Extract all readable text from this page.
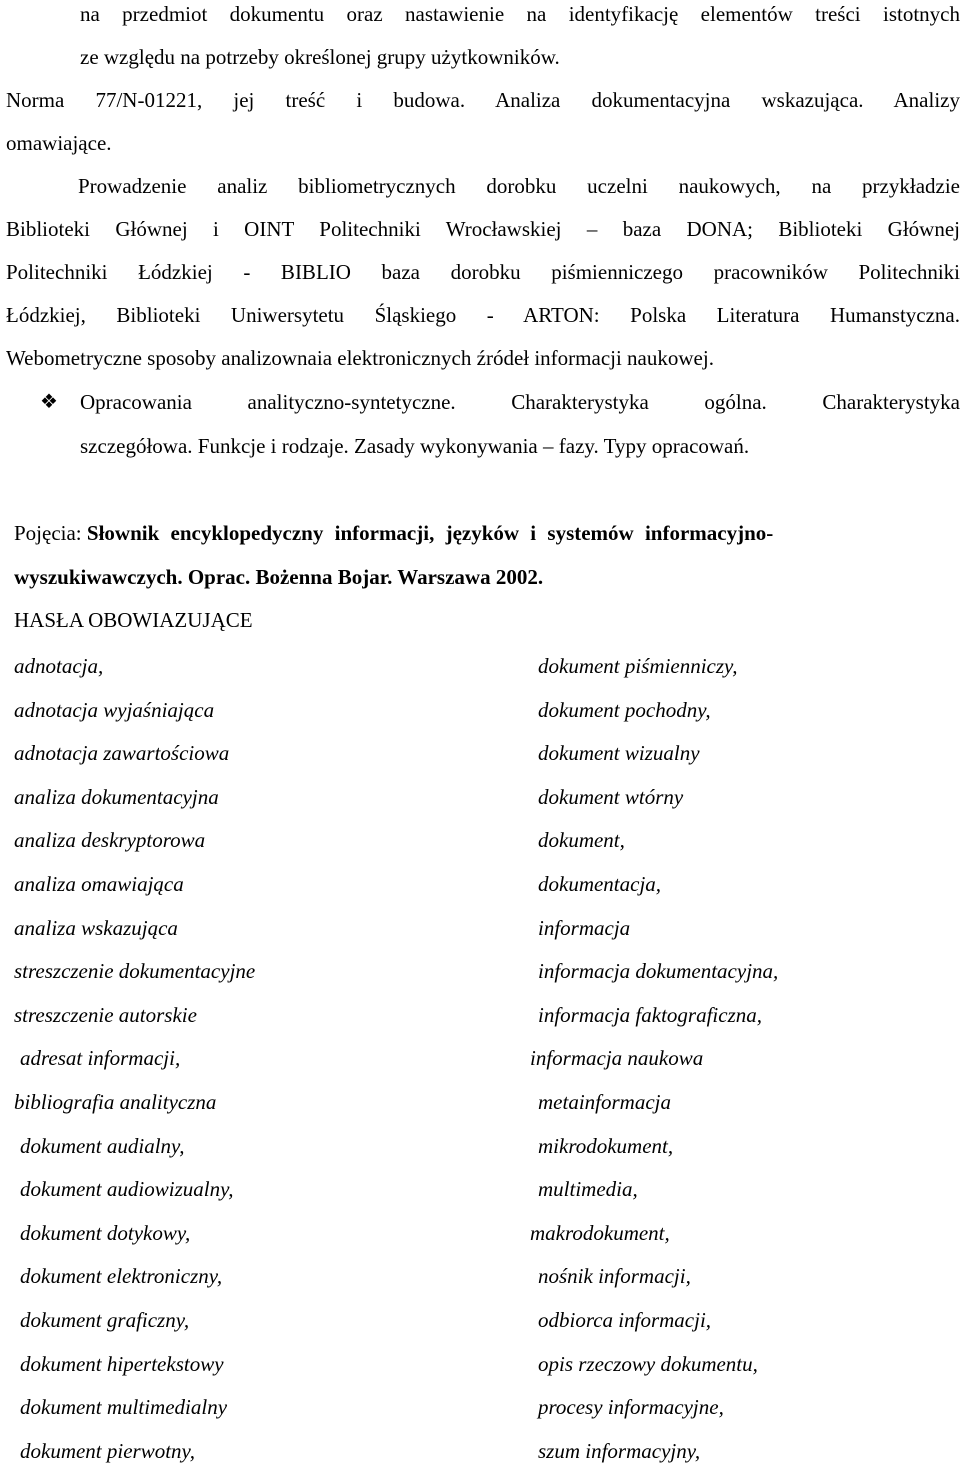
na przedmiot dokumentu oraz nastawienie na identyfikację elementów treści istotnych
ze względu na potrzeby określonej grupy użytkowników.
Norma 77/N-01221, jej treść i budowa. Analiza dokumentacyjna wskazująca. Analizy
omawiające.
Prowadzenie analiz bibliometrycznych dorobku uczelni naukowych, na przykładzie
Biblioteki Głównej i OINT Politechniki Wrocławskiej – baza DONA; Biblioteki Głównej
Politechniki Łódzkiej - BIBLIO baza dorobku piśmienniczego pracowników Politechniki
Łódzkiej, Biblioteki Uniwersytetu Śląskiego - ARTON: Polska Literatura Humanstyczna.
Webometryczne sposoby analizownaia elektronicznych źródeł informacji naukowej.
❖ Opracowania analityczno-syntetyczne. Charakterystyka ogólna. Charakterystyka
szczegółowa. Funkcje i rodzaje. Zasady wykonywania – fazy. Typy opracowań.
Pojęcia: Słownik encyklopedyczny informacji, języków i systemów informacyjno-
wyszukiwawczych. Oprac. Bożenna Bojar. Warszawa 2002.
HASŁA OBOWIAZUJĄCE
adnotacja,
adnotacja wyjaśniająca
adnotacja zawartościowa
analiza dokumentacyjna
analiza deskryptorowa
analiza omawiająca
analiza wskazująca
streszczenie dokumentacyjne
streszczenie autorskie
adresat informacji,
bibliografia analityczna
dokument audialny,
dokument audiowizualny,
dokument dotykowy,
dokument elektroniczny,
dokument graficzny,
dokument hipertekstowy
dokument multimedialny
dokument pierwotny,
dokument piśmienniczy,
dokument pochodny,
dokument wizualny
dokument wtórny
dokument,
dokumentacja,
informacja
informacja dokumentacyjna,
informacja faktograficzna,
informacja naukowa
metainformacja
mikrodokument,
multimedia,
makrodokument,
nośnik informacji,
odbiorca informacji,
opis rzeczowy dokumentu,
procesy informacyjne,
szum informacyjny,
